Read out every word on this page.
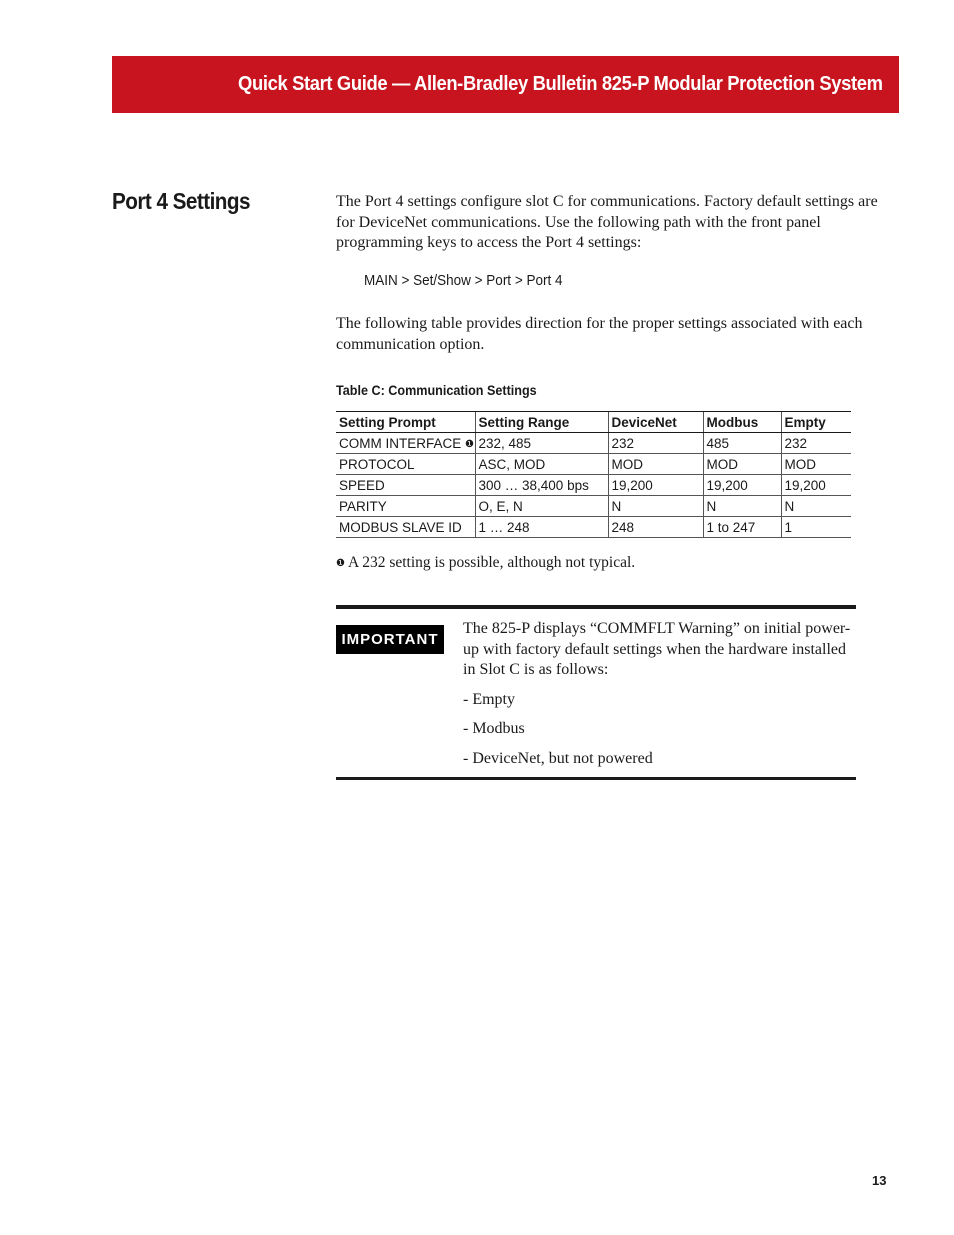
Quick Start Guide — Allen-Bradley Bulletin 825-P Modular Protection System
Port 4 Settings	The Port 4 settings configure slot C for communications. Factory default settings are for DeviceNet communications. Use the following path with the front panel programming keys to access the Port 4 settings:

MAIN > Set/Show > Port > Port 4

The following table provides direction for the proper settings associated with each communication option.

Table C: Communication Settings
Setting Prompt	Setting Range	DeviceNet	Modbus	Empty
COMM INTERFACE ❶	232, 485	232	485	232
PROTOCOL	ASC, MOD	MOD	MOD	MOD
SPEED	300 … 38,400 bps	19,200	19,200	19,200
PARITY	O, E, N	N	N	N
MODBUS SLAVE ID	1 … 248	248	1 to 247	1
❶ A 232 setting is possible, although not typical.
IMPORTANT
The 825-P displays “COMMFLT Warning” on initial power-up with factory default settings when the hardware installed in Slot C is as follows:
- Empty
- Modbus
- DeviceNet, but not powered
13
